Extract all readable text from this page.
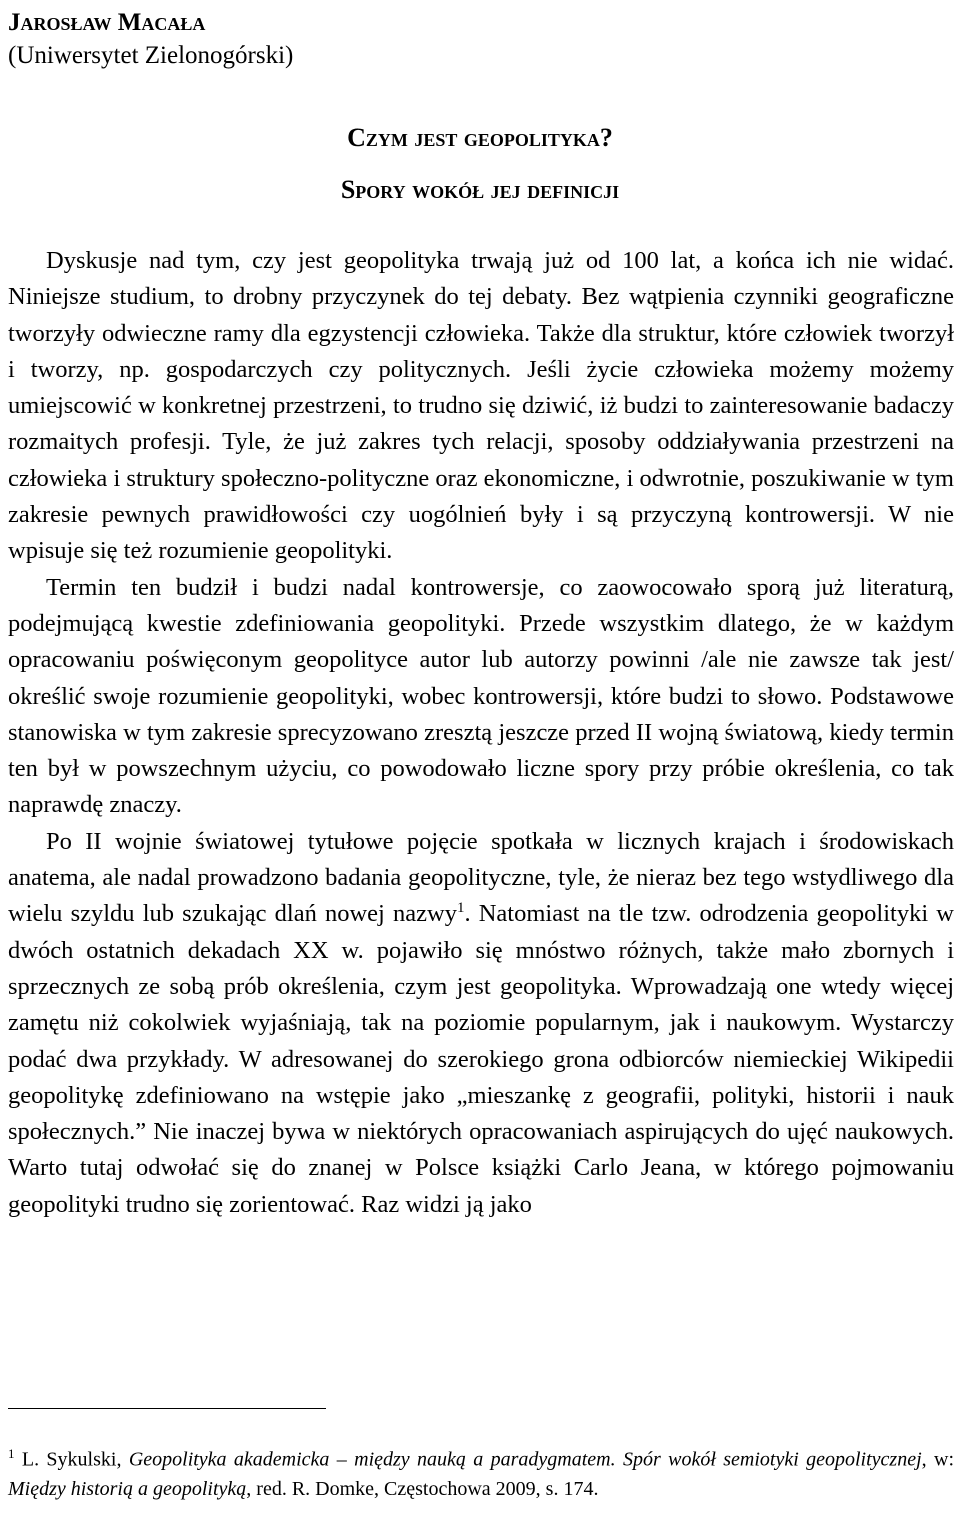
Jarosław Macała
(Uniwersytet Zielonogórski)
Czym jest geopolityka?
Spory wokół jej definicji

Dyskusje nad tym, czy jest geopolityka trwają już od 100 lat, a końca ich nie widać. Niniejsze studium, to drobny przyczynek do tej debaty. Bez wątpienia czynniki geograficzne tworzyły odwieczne ramy dla egzystencji człowieka. Także dla struktur, które człowiek tworzył i tworzy, np. gospodarczych czy politycznych. Jeśli życie człowieka możemy możemy umiejscowić w konkretnej przestrzeni, to trudno się dziwić, iż budzi to zainteresowanie badaczy rozmaitych profesji. Tyle, że już zakres tych relacji, sposoby oddziaływania przestrzeni na człowieka i struktury społeczno-polityczne oraz ekonomiczne, i odwrotnie, poszukiwanie w tym zakresie pewnych prawidłowości czy uogólnień były i są przyczyną kontrowersji. W nie wpisuje się też rozumienie geopolityki.

Termin ten budził i budzi nadal kontrowersje, co zaowocowało sporą już literaturą, podejmującą kwestie zdefiniowania geopolityki. Przede wszystkim dlatego, że w każdym opracowaniu poświęconym geopolityce autor lub autorzy powinni /ale nie zawsze tak jest/ określić swoje rozumienie geopolityki, wobec kontrowersji, które budzi to słowo. Podstawowe stanowiska w tym zakresie sprecyzowano zresztą jeszcze przed II wojną światową, kiedy termin ten był w powszechnym użyciu, co powodowało liczne spory przy próbie określenia, co tak naprawdę znaczy.

Po II wojnie światowej tytułowe pojęcie spotkała w licznych krajach i środowiskach anatema, ale nadal prowadzono badania geopolityczne, tyle, że nieraz bez tego wstydliwego dla wielu szyldu lub szukając dlań nowej nazwy$^1$. Natomiast na tle tzw. odrodzenia geopolityki w dwóch ostatnich dekadach XX w. pojawiło się mnóstwo różnych, także mało zbornych i sprzecznych ze sobą prób określenia, czym jest geopolityka. Wprowadzają one wtedy więcej zamętu niż cokolwiek wyjaśniają, tak na poziomie popularnym, jak i naukowym. Wystarczy podać dwa przykłady. W adresowanej do szerokiego grona odbiorców niemieckiej Wikipedii geopolitykę zdefiniowano na wstępie jako „mieszankę z geografii, polityki, historii i nauk społecznych.” Nie inaczej bywa w niektórych opracowaniach aspirujących do ujęć naukowych. Warto tutaj odwołać się do znanej w Polsce książki Carlo Jeana, w którego pojmowaniu geopolityki trudno się zorientować. Raz widzi ją jako

$^1$ L. Sykulski, Geopolityka akademicka – między nauką a paradygmatem. Spór wokół semiotyki geopolitycznej, w: Między historią a geopolityką, red. R. Domke, Częstochowa 2009, s. 174.
